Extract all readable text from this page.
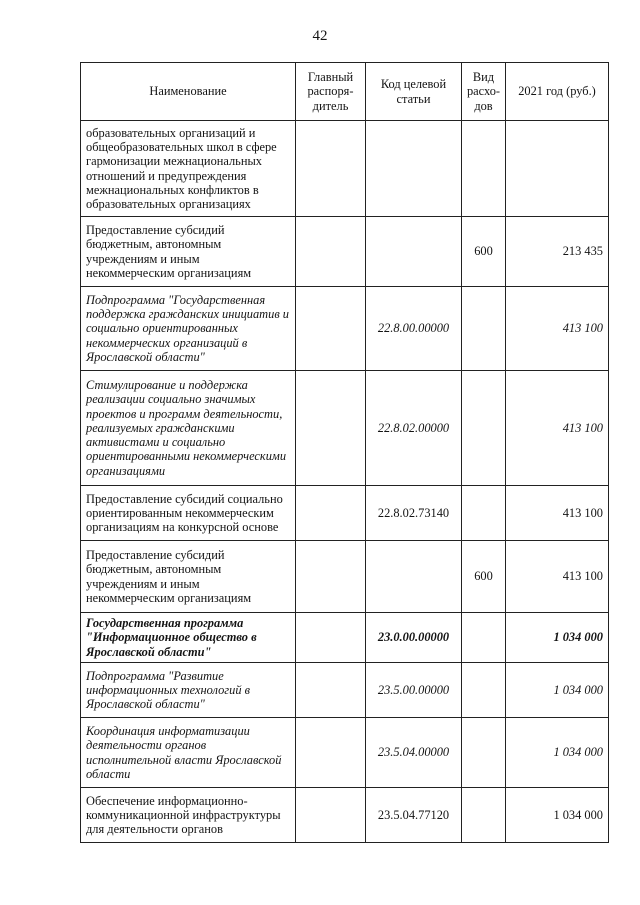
42
Наименование	Главный распоря-дитель	Код целевой статьи	Вид расхо-дов	2021 год (руб.)
образовательных организаций и общеобразовательных школ в сфере гармонизации межнациональных отношений и предупреждения межнациональных конфликтов в образовательных организациях				
Предоставление субсидий бюджетным, автономным учреждениям и иным некоммерческим организациям			600	213 435
Подпрограмма "Государственная поддержка гражданских инициатив и социально ориентированных некоммерческих организаций в Ярославской области"		22.8.00.00000		413 100
Стимулирование и поддержка реализации социально значимых проектов и программ деятельности, реализуемых гражданскими активистами и социально ориентированными некоммерческими организациями		22.8.02.00000		413 100
Предоставление субсидий социально ориентированным некоммерческим организациям на конкурсной основе		22.8.02.73140		413 100
Предоставление субсидий бюджетным, автономным учреждениям и иным некоммерческим организациям			600	413 100
Государственная программа "Информационное общество в Ярославской области"		23.0.00.00000		1 034 000
Подпрограмма "Развитие информационных технологий в Ярославской области"		23.5.00.00000		1 034 000
Координация информатизации деятельности органов исполнительной власти Ярославской области		23.5.04.00000		1 034 000
Обеспечение информационно-коммуникационной инфраструктуры для деятельности органов		23.5.04.77120		1 034 000
